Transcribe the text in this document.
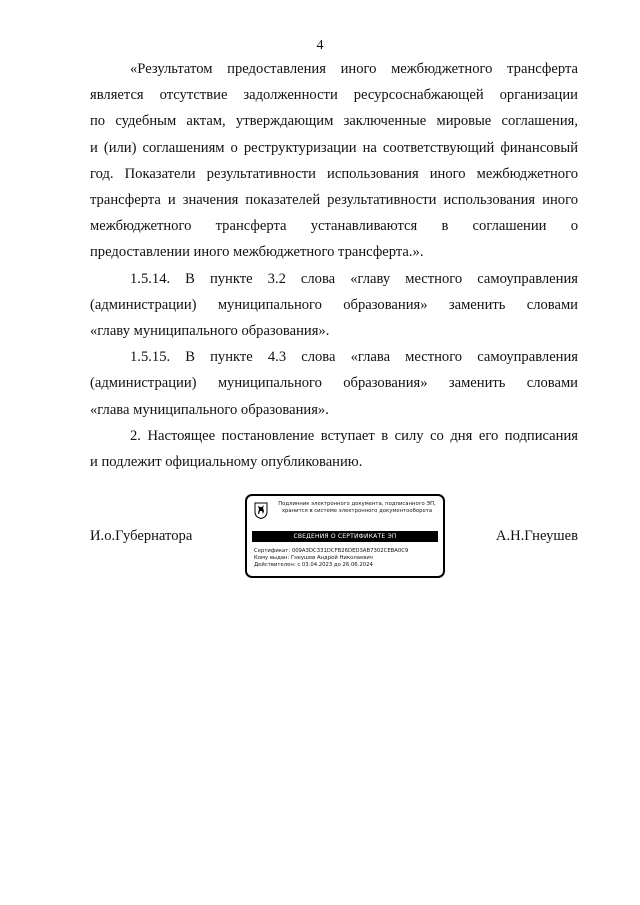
4

«Результатом предоставления иного межбюджетного трансферта
является отсутствие задолженности ресурсоснабжающей организации
по судебным актам, утверждающим заключенные мировые соглашения,
и (или) соглашениям о реструктуризации на соответствующий финансовый
год. Показатели результативности использования иного межбюджетного
трансферта и значения показателей результативности использования иного
межбюджетного трансферта устанавливаются в соглашении о
предоставлении иного межбюджетного трансферта.».

1.5.14. В пункте 3.2 слова «главу местного самоуправления
(администрации) муниципального образования» заменить словами
«главу муниципального образования».

1.5.15. В пункте 4.3 слова «глава местного самоуправления
(администрации) муниципального образования» заменить словами
«глава муниципального образования».

2. Настоящее постановление вступает в силу со дня его подписания
и подлежит официальному опубликованию.

И.о.Губернатора
Подлинник электронного документа, подписанного ЭП,
хранится в системе электронного документооборота
СВЕДЕНИЯ О СЕРТИФИКАТЕ ЭП
Сертификат: 009A3DC331DCFB26DED3AB7302CEBA0C9
Кому выдан: Гнеушев Андрей Николаевич
Действителен: с 03.04.2023 до 26.06.2024
А.Н.Гнеушев
